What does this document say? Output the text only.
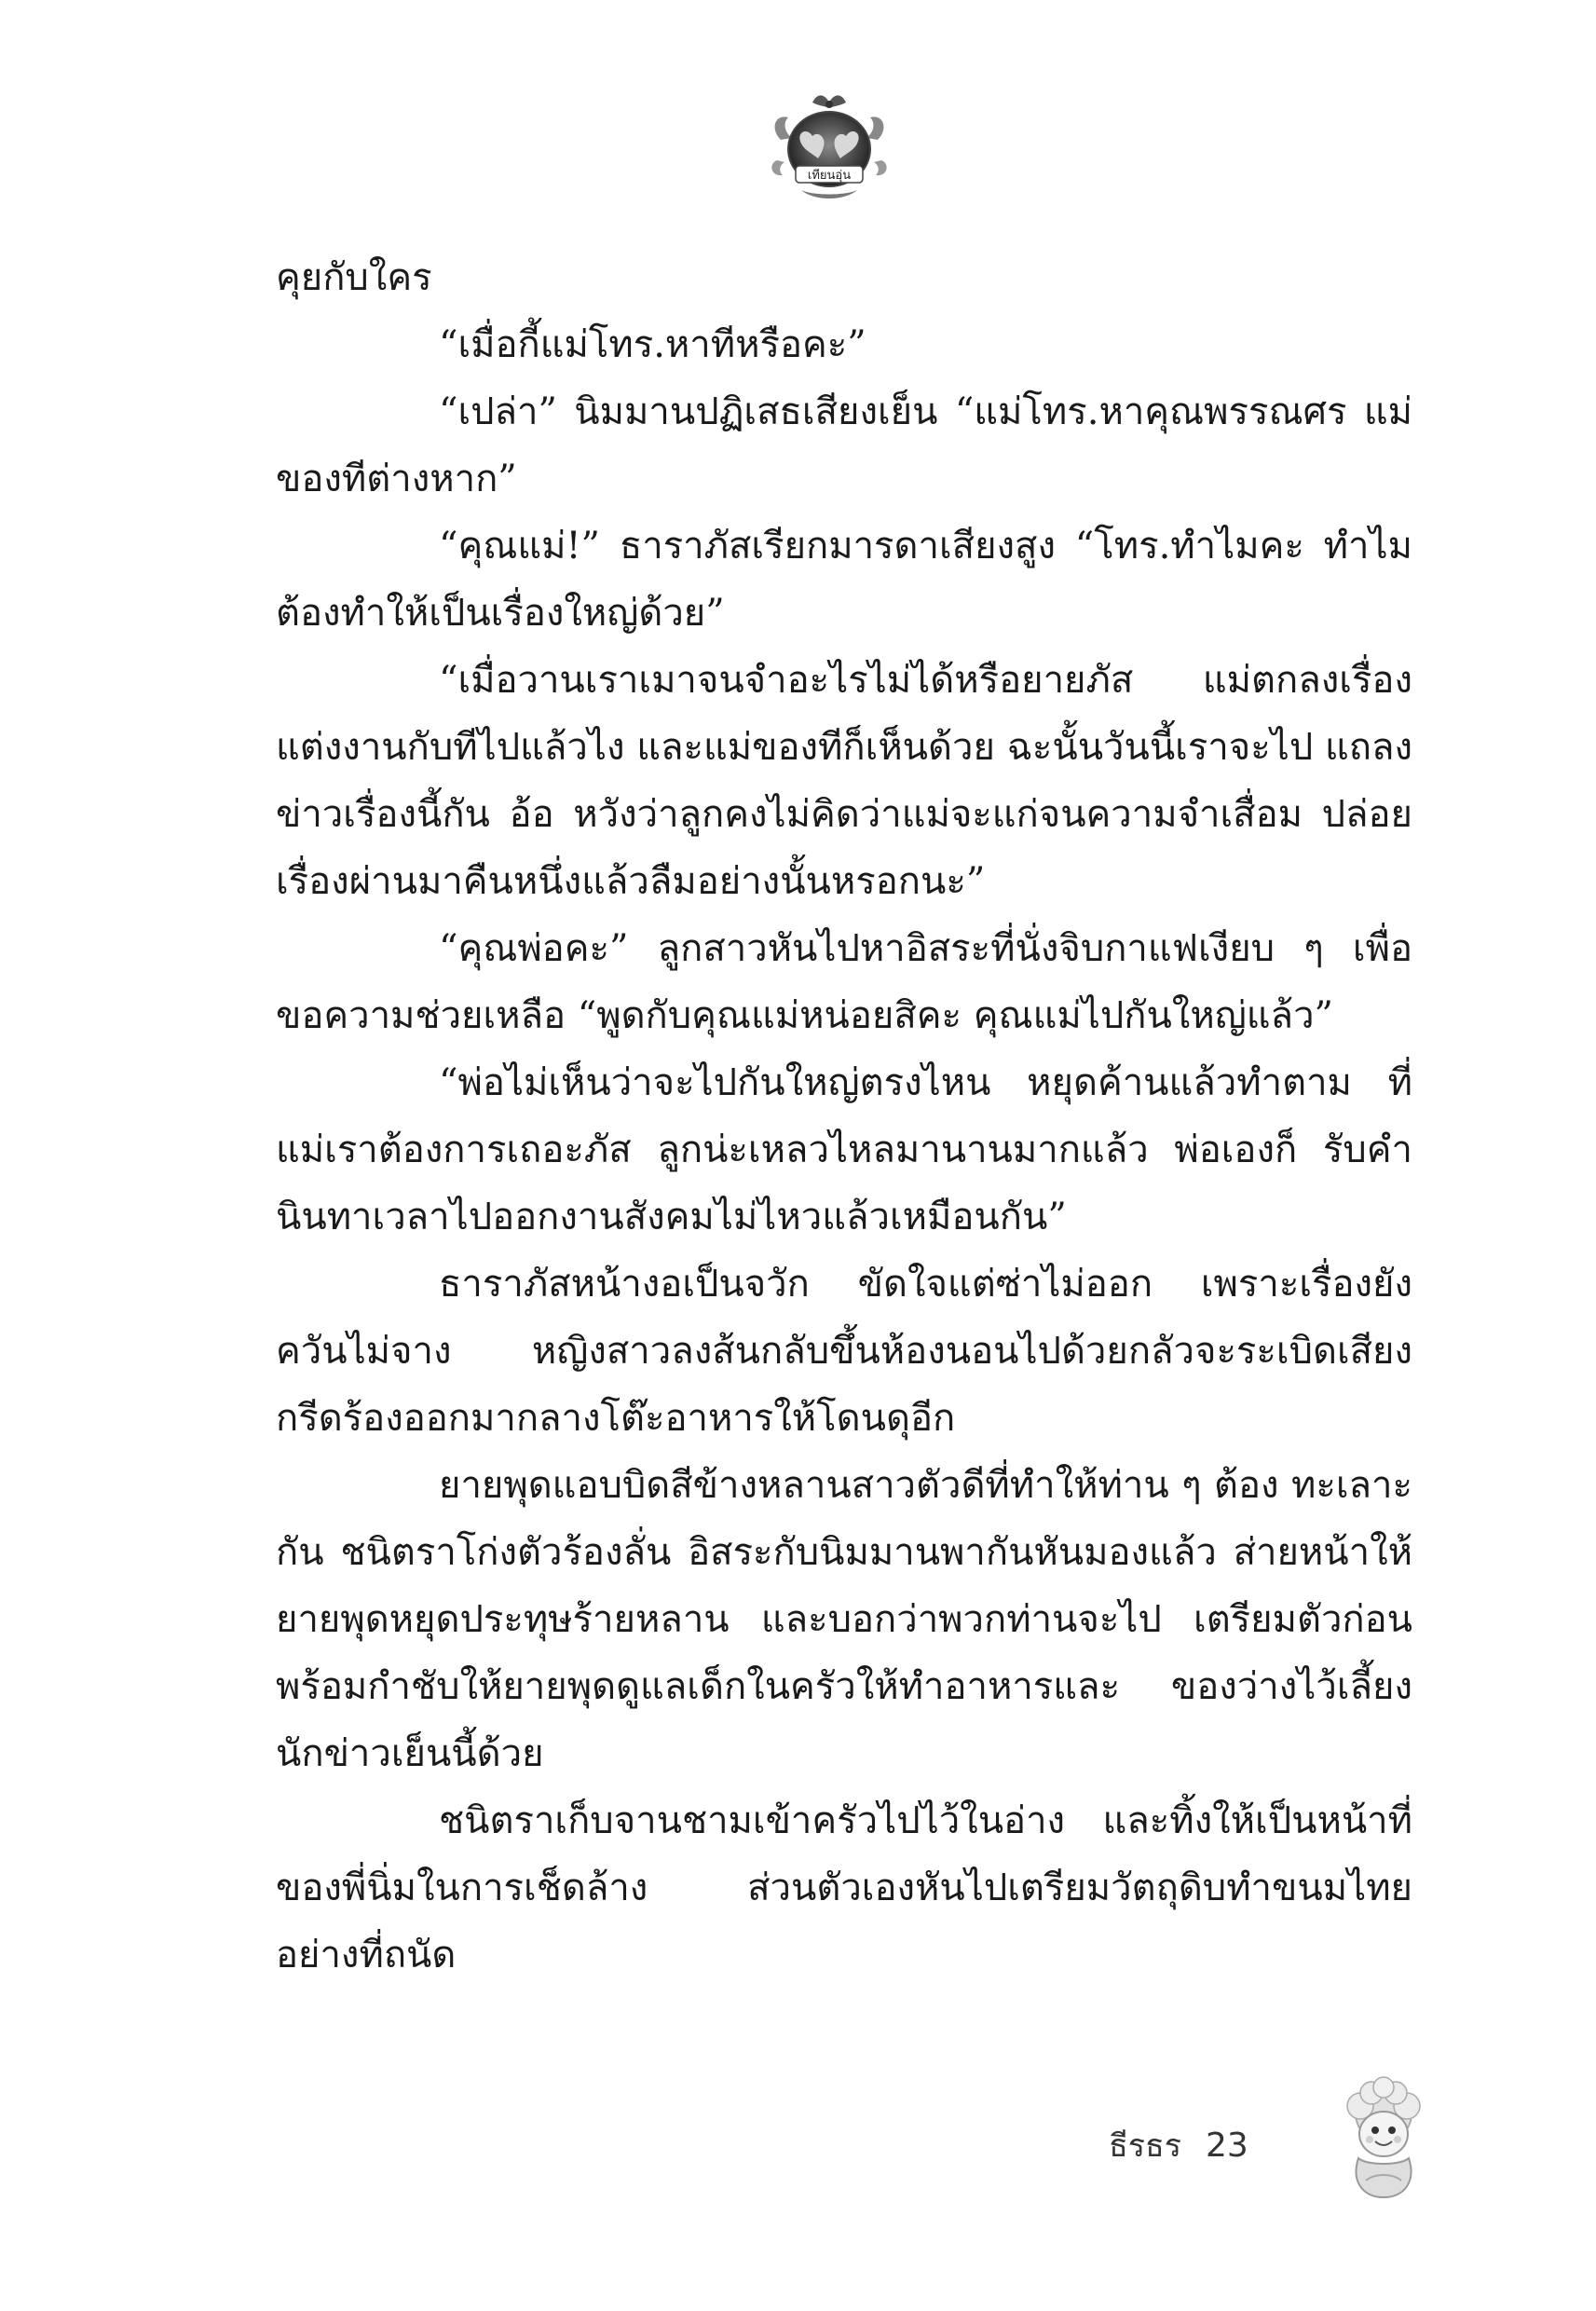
เทียนอุ่น

คุยกับใคร

“เมื่อกี้แม่โทร.หาทีหรือคะ”

“เปล่า” นิมมานปฏิเสธเสียงเย็น “แม่โทร.หาคุณพรรณศร แม่ของทีต่างหาก”

“คุณแม่!” ธาราภัสเรียกมารดาเสียงสูง “โทร.ทำไมคะ ทำไม ต้องทำให้เป็นเรื่องใหญ่ด้วย”

“เมื่อวานเราเมาจนจำอะไรไม่ได้หรือยายภัส แม่ตกลงเรื่อง แต่งงานกับทีไปแล้วไง และแม่ของทีก็เห็นด้วย ฉะนั้นวันนี้เราจะไป แถลงข่าวเรื่องนี้กัน อ้อ หวังว่าลูกคงไม่คิดว่าแม่จะแก่จนความจำเสื่อม ปล่อยเรื่องผ่านมาคืนหนึ่งแล้วลืมอย่างนั้นหรอกนะ”

“คุณพ่อคะ” ลูกสาวหันไปหาอิสระที่นั่งจิบกาแฟเงียบ ๆ เพื่อ ขอความช่วยเหลือ “พูดกับคุณแม่หน่อยสิคะ คุณแม่ไปกันใหญ่แล้ว”

“พ่อไม่เห็นว่าจะไปกันใหญ่ตรงไหน หยุดค้านแล้วทำตาม ที่แม่เราต้องการเถอะภัส ลูกน่ะเหลวไหลมานานมากแล้ว พ่อเองก็ รับคำนินทาเวลาไปออกงานสังคมไม่ไหวแล้วเหมือนกัน”

ธาราภัสหน้างอเป็นจวัก ขัดใจแต่ซ่าไม่ออก เพราะเรื่องยัง ควันไม่จาง หญิงสาวลงส้นกลับขึ้นห้องนอนไปด้วยกลัวจะระเบิดเสียง กรีดร้องออกมากลางโต๊ะอาหารให้โดนดุอีก

ยายพุดแอบบิดสีข้างหลานสาวตัวดีที่ทำให้ท่าน ๆ ต้อง ทะเลาะกัน ชนิตราโก่งตัวร้องลั่น อิสระกับนิมมานพากันหันมองแล้ว ส่ายหน้าให้ยายพุดหยุดประทุษร้ายหลาน และบอกว่าพวกท่านจะไป เตรียมตัวก่อน พร้อมกำชับให้ยายพุดดูแลเด็กในครัวให้ทำอาหารและ ของว่างไว้เลี้ยงนักข่าวเย็นนี้ด้วย

ชนิตราเก็บจานชามเข้าครัวไปไว้ในอ่าง และทิ้งให้เป็นหน้าที่ ของพี่นิ่มในการเช็ดล้าง ส่วนตัวเองหันไปเตรียมวัตถุดิบทำขนมไทย อย่างที่ถนัด

ธีรธร 23
